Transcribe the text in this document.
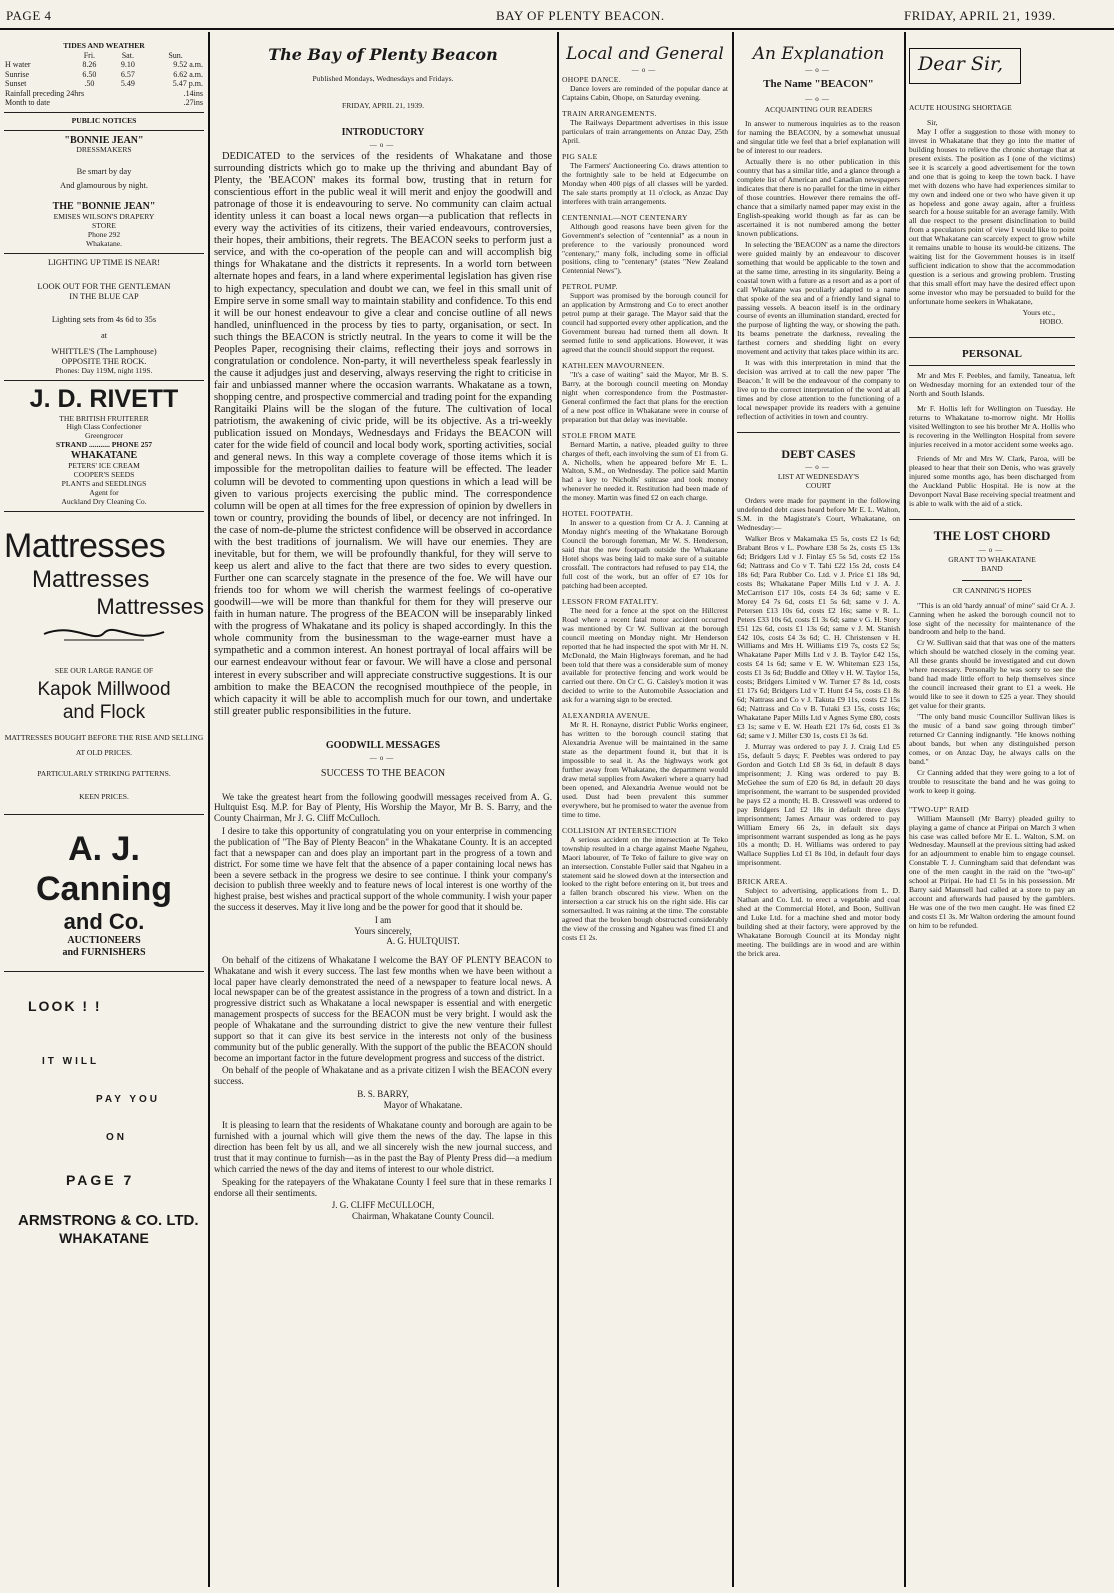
PAGE 4	BAY OF PLENTY BEACON.	FRIDAY, APRIL 21, 1939.
TIDES AND WEATHER
	Fri.	Sat.	Sun.
H water	8.26	9.10	9.52 a.m.
Sunrise	6.50	6.57	6.62 a.m.
Sunset	.50	5.49	5.47 p.m.
Rainfall preceding 24hrs			.14ins
Month to date			.27ins
PUBLIC NOTICES
"BONNIE JEAN"
DRESSMAKERS
Be smart by day
And glamourous by night.
THE "BONNIE JEAN"
EMISES WILSON'S DRAPERY
STORE
Phone 292
Whakatane.
LIGHTING UP TIME IS NEAR!
LOOK OUT FOR THE GENTLEMAN
IN THE BLUE CAP
Lighting sets from 4s 6d to 35s
at
WHITTLE'S (The Lamphouse)
OPPOSITE THE ROCK.
Phones: Day 119M, night 119S.
J. D. RIVETT
THE BRITISH FRUITERER
High Class Confectioner
Greengrocer
STRAND ........... PHONE 257
WHAKATANE
PETERS' ICE CREAM
COOPER'S SEEDS
PLANTS and SEEDLINGS
Agent for
Auckland Dry Cleaning Co.
Mattresses
Mattresses
Mattresses
SEE OUR LARGE RANGE OF
Kapok Millwood
and Flock
MATTRESSES BOUGHT BEFORE THE RISE AND SELLING AT OLD PRICES.
PARTICULARLY STRIKING PATTERNS.
KEEN PRICES.
A. J. Canning
and Co.
AUCTIONEERS
and FURNISHERS
LOOK ! !
IT WILL
PAY YOU
ON
PAGE 7
ARMSTRONG & CO. LTD.
WHAKATANE
The Bay of Plenty Beacon
Published Mondays, Wednesdays and Fridays.
FRIDAY, APRIL 21, 1939.
INTRODUCTORY
—o—

DEDICATED to the services of the residents of Whakatane and those surrounding districts which go to make up the thriving and abundant Bay of Plenty, the 'BEACON' makes its formal bow, trusting that in return for conscientious effort in the public weal it will merit and enjoy the goodwill and patronage of those it is endeavouring to serve. No community can claim actual identity unless it can boast a local news organ—a publication that reflects in every way the activities of its citizens, their varied endeavours, controversies, their hopes, their ambitions, their regrets. The BEACON seeks to perform just a service, and with the co-operation of the people can and will accomplish big things for Whakatane and the districts it represents. In a world torn between alternate hopes and fears, in a land where experimental legislation has given rise to high expectancy, speculation and doubt we can, we feel in this small unit of Empire serve in some small way to maintain stability and confidence. To this end it will be our honest endeavour to give a clear and concise outline of all news handled, uninfluenced in the process by ties to party, organisation, or sect. In such things the BEACON is strictly neutral. In the years to come it will be the Peoples Paper, recognising their claims, reflecting their joys and sorrows in congratulation or condolence. Non-party, it will nevertheless speak fearlessly in the cause it adjudges just and deserving, always reserving the right to criticise in fair and unbiassed manner where the occasion warrants. Whakatane as a town, shopping centre, and prospective commercial and trading point for the expanding Rangitaiki Plains will be the slogan of the future. The cultivation of local patriotism, the awakening of civic pride, will be its objective. As a tri-weekly publication issued on Mondays, Wednesdays and Fridays the BEACON will cater for the wide field of council and local body work, sporting activities, social and general news. In this way a complete coverage of those items which it is impossible for the metropolitan dailies to feature will be effected. The leader column will be devoted to commenting upon questions in which a lead will be given to various projects exercising the public mind. The correspondence column will be open at all times for the free expression of opinion by dwellers in town or country, providing the bounds of libel, or decency are not infringed. In the case of nom-de-plume the strictest confidence will be observed in accordance with the best traditions of journalism. We will have our enemies. They are inevitable, but for them, we will be profoundly thankful, for they will serve to keep us alert and alive to the fact that there are two sides to every question. Further one can scarcely stagnate in the presence of the foe. We will have our friends too for whom we will cherish the warmest feelings of co-operative goodwill—we will be more than thankful for them for they will preserve our faith in human nature. The progress of the BEACON will be inseparably linked with the progress of Whakatane and its policy is shaped accordingly. In this the whole community from the businessman to the wage-earner must have a sympathetic and a common interest. An honest portrayal of local affairs will be our earnest endeavour without fear or favour. We will have a close and personal interest in every subscriber and will appreciate constructive suggestions. It is our ambition to make the BEACON the recognised mouthpiece of the people, in which capacity it will be able to accomplish much for our town, and undertake still greater public responsibilities in the future.

GOODWILL MESSAGES
—o—
SUCCESS TO THE BEACON

We take the greatest heart from the following goodwill messages received from A. G. Hultquist Esq. M.P. for Bay of Plenty, His Worship the Mayor, Mr B. S. Barry, and the County Chairman, Mr J. G. Cliff McCulloch.

I desire to take this opportunity of congratulating you on your enterprise in commencing the publication of "The Bay of Plenty Beacon" in the Whakatane County. It is an accepted fact that a newspaper can and does play an important part in the progress of a town and district. For some time we have felt that the absence of a paper containing local news has been a severe setback in the progress we desire to see continue. I think your company's decision to publish three weekly and to feature news of local interest is one worthy of the highest praise, best wishes and practical support of the whole community. I wish your paper the success it deserves. May it live long and be the power for good that it should be.

I am
Yours sincerely,
A. G. HULTQUIST.

On behalf of the citizens of Whakatane I welcome the BAY OF PLENTY BEACON to Whakatane and wish it every success. The last few months when we have been without a local paper have clearly demonstrated the need of a newspaper to feature local news. A local newspaper can be of the greatest assistance in the progress of a town and district. In a progressive district such as Whakatane a local newspaper is essential and with energetic management prospects of success for the BEACON must be very bright. I would ask the people of Whakatane and the surrounding district to give the new venture their fullest support so that it can give its best service in the interests not only of the business community but of the public generally. With the support of the public the BEACON should become an important factor in the future development progress and success of the district.

On behalf of the people of Whakatane and as a private citizen I wish the BEACON every success.

B. S. BARRY,
Mayor of Whakatane.

It is pleasing to learn that the residents of Whakatane county and borough are again to be furnished with a journal which will give them the news of the day. The lapse in this direction has been felt by us all, and we all sincerely wish the new journal success, and trust that it may continue to furnish—as in the past the Bay of Plenty Press did—a medium which carried the news of the day and items of interest to our whole district.

Speaking for the ratepayers of the Whakatane County I feel sure that in these remarks I endorse all their sentiments.

J. G. CLIFF McCULLOCH,
Chairman, Whakatane County Council.
Local and General
—o—
OHOPE DANCE.

Dance lovers are reminded of the popular dance at Captains Cabin, Ohope, on Saturday evening.

TRAIN ARRANGEMENTS.

The Railways Department advertises in this issue particulars of train arrangements on Anzac Day, 25th April.

PIG SALE

The Farmers' Auctioneering Co. draws attention to the fortnightly sale to be held at Edgecumbe on Monday when 400 pigs of all classes will be yarded. The sale starts promptly at 11 o'clock, as Anzac Day interferes with train arrangements.

CENTENNIAL—NOT CENTENARY

Although good reasons have been given for the Government's selection of "centennial" as a noun in preference to the variously pronounced word "centenary," many folk, including some in official positions, cling to "centenary" (states "New Zealand Centennial News").

PETROL PUMP.

Support was promised by the borough council for an application by Armstrong and Co to erect another petrol pump at their garage. The Mayor said that the council had supported every other application, and the Government bureau had turned them all down. It seemed futile to send applications. However, it was agreed that the council should support the request.

KATHLEEN MAVOURNEEN.

"It's a case of waiting" said the Mayor, Mr B. S. Barry, at the borough council meeting on Monday night when correspondence from the Postmaster-General confirmed the fact that plans for the erection of a new post office in Whakatane were in course of preparation but that delay was inevitable.

STOLE FROM MATE

Bernard Martin, a native, pleaded guilty to three charges of theft, each involving the sum of £1 from G. A. Nicholls, when he appeared before Mr E. L. Walton, S.M., on Wednesday. The police said Martin had a key to Nicholls' suitcase and took money whenever he needed it. Restitution had been made of the money. Martin was fined £2 on each charge.

HOTEL FOOTPATH.

In answer to a question from Cr A. J. Canning at Monday night's meeting of the Whakatane Borough Council the borough foreman, Mr W. S. Henderson, said that the new footpath outside the Whakatane Hotel shops was being laid to make sure of a suitable crossfall. The contractors had refused to pay £14, the full cost of the work, but an offer of £7 10s for patching had been accepted.

LESSON FROM FATALITY.

The need for a fence at the spot on the Hillcrest Road where a recent fatal motor accident occurred was mentioned by Cr W. Sullivan at the borough council meeting on Monday night. Mr Henderson reported that he had inspected the spot with Mr H. N. McDonald, the Main Highways foreman, and he had been told that there was a considerable sum of money available for protective fencing and work would be carried out there. On Cr C. G. Caisley's motion it was decided to write to the Automobile Association and ask for a warning sign to be erected.

ALEXANDRIA AVENUE.

Mr R. H. Ronayne, district Public Works engineer, has written to the borough council stating that Alexandria Avenue will be maintained in the same state as the department found it, but that it is impossible to seal it. As the highways work got further away from Whakatane, the department would draw metal supplies from Awakeri where a quarry had been opened, and Alexandria Avenue would not be used. Dust had been prevalent this summer everywhere, but he promised to water the avenue from time to time.

COLLISION AT INTERSECTION

A serious accident on the intersection at Te Teko township resulted in a charge against Maehe Ngaheu, Maori labourer, of Te Teko of failure to give way on an intersection. Constable Fuller said that Ngaheu in a statement said he slowed down at the intersection and looked to the right before entering on it, but trees and a fallen branch obscured his view. When on the intersection a car struck his on the right side. His car somersaulted. It was raining at the time. The constable agreed that the broken bough obstructed considerably the view of the crossing and Ngaheu was fined £1 and costs £1 2s.

An Explanation
—o—
The Name "BEACON"
—o—
ACQUAINTING OUR READERS

In answer to numerous inquiries as to the reason for naming the BEACON, by a somewhat unusual and singular title we feel that a brief explanation will be of interest to our readers.

Actually there is no other publication in this country that has a similar title, and a glance through a complete list of American and Canadian newspapers indicates that there is no parallel for the time in either of those countries. However there remains the off-chance that a similarly named paper may exist in the English-speaking world though as far as can be ascertained it is not numbered among the better known publications.

In selecting the 'BEACON' as a name the directors were guided mainly by an endeavour to discover something that would be applicable to the town and at the same time, arresting in its singularity. Being a coastal town with a future as a resort and as a port of call Whakatane was peculiarly adapted to a name that spoke of the sea and of a friendly land signal to passing vessels. A beacon itself is in the ordinary course of events an illumination standard, erected for the purpose of lighting the way, or showing the path. Its beams penetrate the darkness, revealing the farthest corners and shedding light on every movement and activity that takes place within its arc.

It was with this interpretation in mind that the decision was arrived at to call the new paper 'The Beacon.' It will be the endeavour of the company to live up to the correct interpretation of the word at all times and by close attention to the functioning of a local newspaper provide its readers with a genuine reflection of activities in town and country.

DEBT CASES
—o—
LIST AT WEDNESDAY'S
COURT

Orders were made for payment in the following undefended debt cases heard before Mr E. L. Walton, S.M. in the Magistrate's Court, Whakatane, on Wednesday:—

Walker Bros v Makamaka £5 5s, costs £2 1s 6d; Brabant Bros v L. Powhare £38 5s 2s, costs £5 13s 6d; Bridgers Ltd v J. Finlay £5 5s 5d, costs £2 15s 6d; Nattrass and Co v T. Tahi £22 15s 2d, costs £4 18s 6d; Para Rubber Co. Ltd. v J. Price £1 18s 9d, costs 8s; Whakatane Paper Mills Ltd v J. A. J. McCarrison £17 10s, costs £4 3s 6d; same v E. Morey £4 7s 6d, costs £1 5s 6d; same v J. A. Petersen £13 10s 6d, costs £2 16s; same v R. L. Peters £33 10s 6d, costs £1 3s 6d; same v G. H. Story £51 12s 6d, costs £1 13s 6d; same v J. M. Stanish £42 10s, costs £4 3s 6d; C. H. Christensen v H. Williams and Mrs H. Williams £19 7s, costs £2 5s; Whakatane Paper Mills Ltd v J. B. Taylor £42 15s, costs £4 1s 6d; same v E. W. Whiteman £23 15s, costs £1 3s 6d; Buddle and Olley v H. W. Taylor 15s, costs; Bridgers Limited v W. Turner £7 8s 1d, costs £1 17s 6d; Bridgers Ltd v T. Hunt £4 5s, costs £1 8s 6d; Nattrass and Co v J. Takuta £9 11s, costs £2 15s 6d; Nattrass and Co v B. Tutaki £3 15s, costs 16s; Whakatane Paper Mills Ltd v Agnes Syme £80, costs £3 1s; same v E. W. Heath £21 17s 6d, costs £1 3s 6d; same v J. Miller £30 1s, costs £1 3s 6d.

J. Murray was ordered to pay J. J. Craig Ltd £5 15s, default 5 days; F. Peebles was ordered to pay Gordon and Gotch Ltd £8 3s 6d, in default 8 days imprisonment; J. King was ordered to pay B. McGehee the sum of £20 6s 8d, in default 20 days imprisonment, the warrant to be suspended provided he pays £2 a month; H. B. Cresswell was ordered to pay Bridgers Ltd £2 18s in default three days imprisonment; James Arnaur was ordered to pay William Emery 66 2s, in default six days imprisonment warrant suspended as long as he pays 10s a month; D. H. Williams was ordered to pay Wallace Supplies Ltd £1 8s 10d, in default four days imprisonment.

BRICK AREA.

Subject to advertising, applications from L. D. Nathan and Co. Ltd. to erect a vegetable and coal shed at the Commercial Hotel, and Boon, Sullivan and Luke Ltd. for a machine shed and motor body building shed at their factory, were approved by the Whakatane Borough Council at its Monday night meeting. The buildings are in wood and are within the brick area.

Dear Sir,
ACUTE HOUSING SHORTAGE
Sir,

May I offer a suggestion to those with money to invest in Whakatane that they go into the matter of building houses to relieve the chronic shortage that at present exists. The position as I (one of the victims) see it is scarcely a good advertisement for the town and one that is going to keep the town back. I have met with dozens who have had experiences similar to my own and indeed one or two who have given it up as hopeless and gone away again, after a fruitless search for a house suitable for an average family. With all due respect to the present disinclination to build from a speculators point of view I would like to point out that Whakatane can scarcely expect to grow while it remains unable to house its would-be citizens. The waiting list for the Government houses is in itself sufficient indication to show that the accommodation question is a serious and growing problem. Trusting that this small effort may have the desired effect upon some investor who may be persuaded to build for the unfortunate home seekers in Whakatane,

Yours etc.,
HOBO.
PERSONAL

Mr and Mrs F. Peebles, and family, Taneatua, left on Wednesday morning for an extended tour of the North and South Islands.

Mr F. Hollis left for Wellington on Tuesday. He returns to Whakatane to-morrow night. Mr Hollis visited Wellington to see his brother Mr A. Hollis who is recovering in the Wellington Hospital from severe injuries received in a motor accident some weeks ago.

Friends of Mr and Mrs W. Clark, Paroa, will be pleased to hear that their son Denis, who was gravely injured some months ago, has been discharged from the Auckland Public Hospital. He is now at the Devonport Naval Base receiving special treatment and is able to walk with the aid of a stick.

THE LOST CHORD
—o—
GRANT TO WHAKATANE
BAND
CR CANNING'S HOPES

"This is an old 'hardy annual' of mine" said Cr A. J. Canning when he asked the borough council not to lose sight of the necessity for maintenance of the bandroom and help to the band.

Cr W. Sullivan said that that was one of the matters which should be watched closely in the coming year. All these grants should be investigated and cut down where necessary. Personally he was sorry to see the band had made little effort to help themselves since the council increased their grant to £1 a week. He would like to see it down to £25 a year. They should get value for their grants.

"The only band music Councillor Sullivan likes is the music of a band saw going through timber" returned Cr Canning indignantly. "He knows nothing about bands, but when any distinguished person comes, or on Anzac Day, he always calls on the band."

Cr Canning added that they were going to a lot of trouble to resuscitate the band and he was going to work to keep it going.

"TWO-UP" RAID

William Maunsell (Mr Barry) pleaded guilty to playing a game of chance at Piripai on March 3 when his case was called before Mr E. L. Walton, S.M. on Wednesday. Maunsell at the previous sitting had asked for an adjournment to enable him to engage counsel. Constable T. J. Cunningham said that defendant was one of the men caught in the raid on the "two-up" school at Piripai. He had £1 5s in his possession. Mr Barry said Maunsell had called at a store to pay an account and afterwards had paused by the gamblers. He was one of the two men caught. He was fined £2 and costs £1 3s. Mr Walton ordering the amount found on him to be refunded.
